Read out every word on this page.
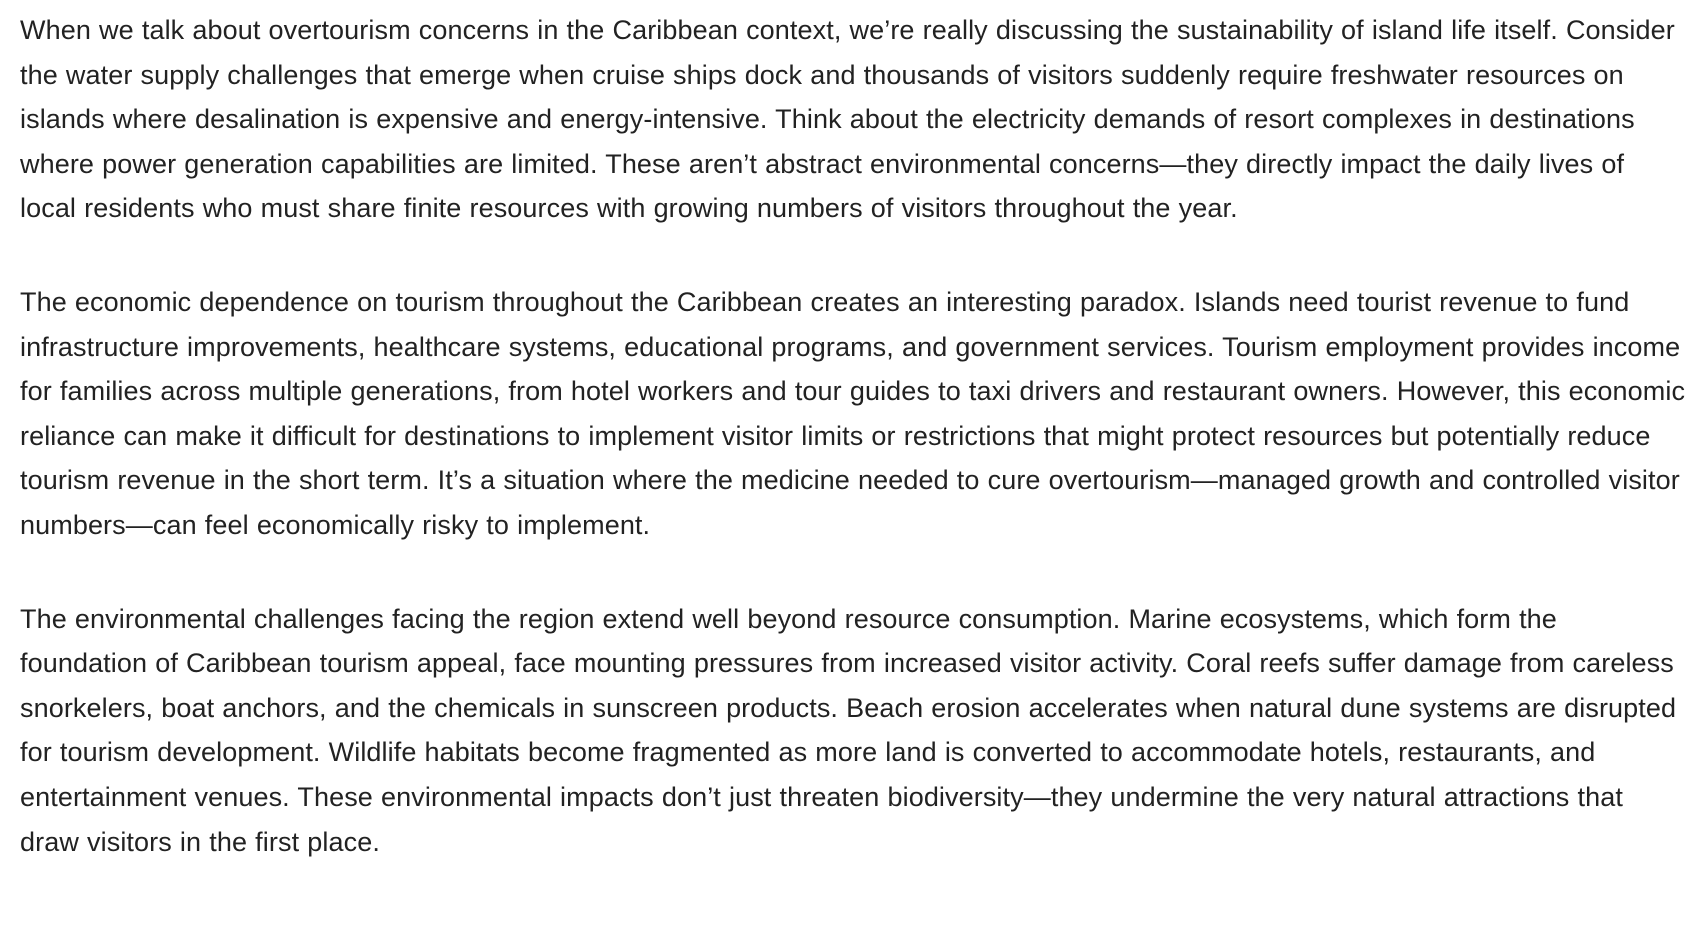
When we talk about overtourism concerns in the Caribbean context, we’re really discussing the sustainability of island life itself. Consider the water supply challenges that emerge when cruise ships dock and thousands of visitors suddenly require freshwater resources on islands where desalination is expensive and energy-intensive. Think about the electricity demands of resort complexes in destinations where power generation capabilities are limited. These aren’t abstract environmental concerns—they directly impact the daily lives of local residents who must share finite resources with growing numbers of visitors throughout the year.

The economic dependence on tourism throughout the Caribbean creates an interesting paradox. Islands need tourist revenue to fund infrastructure improvements, healthcare systems, educational programs, and government services. Tourism employment provides income for families across multiple generations, from hotel workers and tour guides to taxi drivers and restaurant owners. However, this economic reliance can make it difficult for destinations to implement visitor limits or restrictions that might protect resources but potentially reduce tourism revenue in the short term. It’s a situation where the medicine needed to cure overtourism—managed growth and controlled visitor numbers—can feel economically risky to implement.

The environmental challenges facing the region extend well beyond resource consumption. Marine ecosystems, which form the foundation of Caribbean tourism appeal, face mounting pressures from increased visitor activity. Coral reefs suffer damage from careless snorkelers, boat anchors, and the chemicals in sunscreen products. Beach erosion accelerates when natural dune systems are disrupted for tourism development. Wildlife habitats become fragmented as more land is converted to accommodate hotels, restaurants, and entertainment venues. These environmental impacts don’t just threaten biodiversity—they undermine the very natural attractions that draw visitors in the first place.
